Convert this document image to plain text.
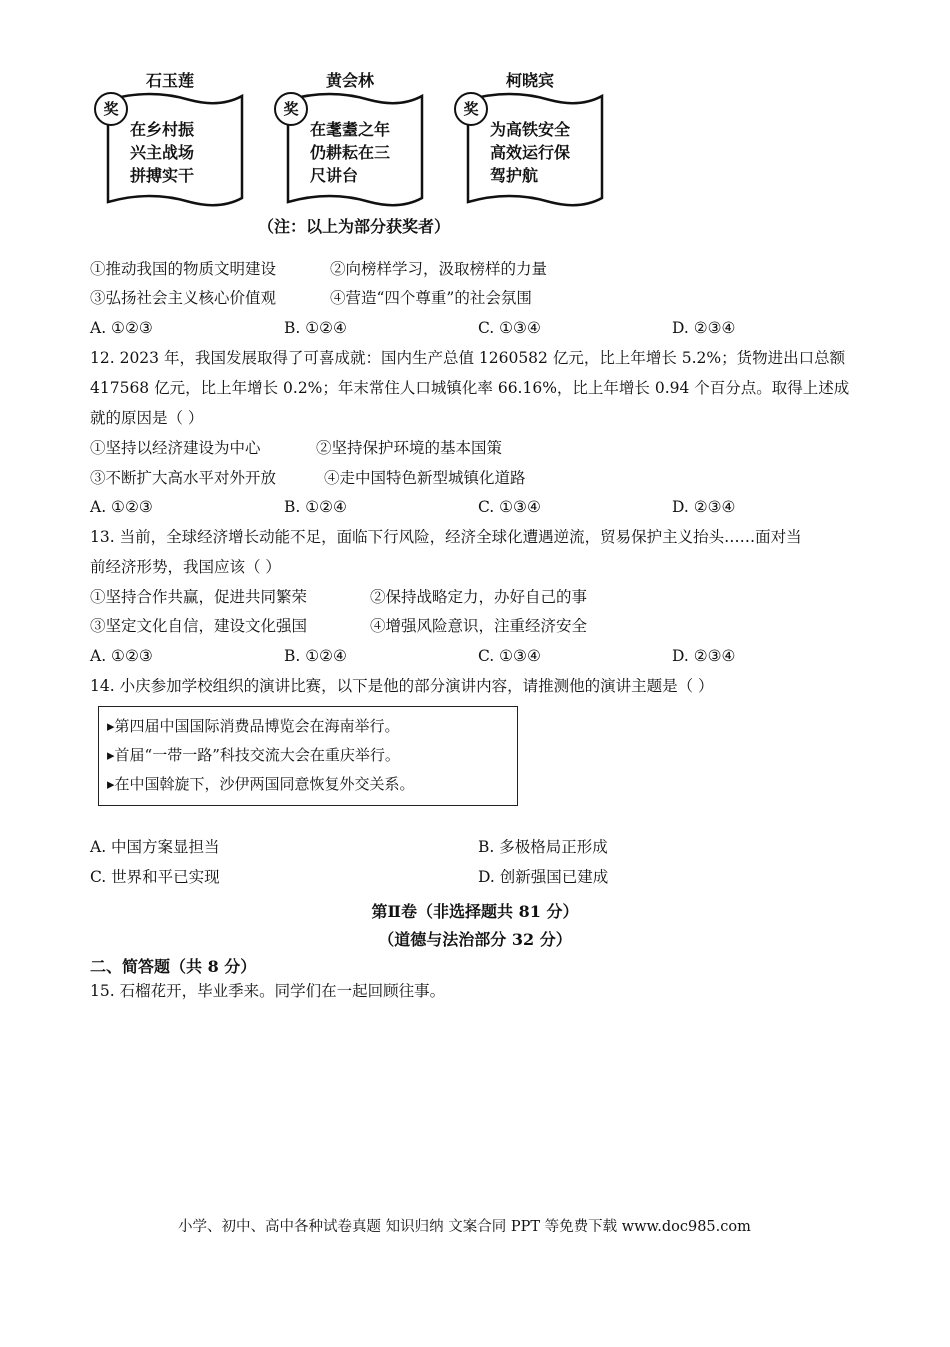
石玉莲
奖
在乡村振
兴主战场
拼搏实干
黄会林
奖
在耄耋之年
仍耕耘在三
尺讲台
柯晓宾
奖
为高铁安全
高效运行保
驾护航
（注：以上为部分获奖者）
①推动我国的物质文明建设	②向榜样学习，汲取榜样的力量
③弘扬社会主义核心价值观	④营造“四个尊重”的社会氛围
A. ①②③	B. ①②④	C. ①③④	D. ②③④
12. 2023 年，我国发展取得了可喜成就：国内生产总值 1260582 亿元，比上年增长 5.2%；货物进出口总额
417568 亿元，比上年增长 0.2%；年末常住人口城镇化率 66.16%，比上年增长 0.94 个百分点。取得上述成
就的原因是（ ）
①坚持以经济建设为中心	②坚持保护环境的基本国策
③不断扩大高水平对外开放	④走中国特色新型城镇化道路
A. ①②③	B. ①②④	C. ①③④	D. ②③④
13. 当前，全球经济增长动能不足，面临下行风险，经济全球化遭遇逆流，贸易保护主义抬头……面对当
前经济形势，我国应该（ ）
①坚持合作共赢，促进共同繁荣	②保持战略定力，办好自己的事
③坚定文化自信，建设文化强国	④增强风险意识，注重经济安全
A. ①②③	B. ①②④	C. ①③④	D. ②③④
14. 小庆参加学校组织的演讲比赛，以下是他的部分演讲内容，请推测他的演讲主题是（ ）
▸第四届中国国际消费品博览会在海南举行。
▸首届“一带一路”科技交流大会在重庆举行。
▸在中国斡旋下，沙伊两国同意恢复外交关系。
A. 中国方案显担当	B. 多极格局正形成
C. 世界和平已实现	D. 创新强国已建成
第Ⅱ卷（非选择题共 81 分）
（道德与法治部分 32 分）
二、简答题（共 8 分）
15. 石榴花开，毕业季来。同学们在一起回顾往事。
小学、初中、高中各种试卷真题 知识归纳 文案合同 PPT 等免费下载 www.doc985.com
